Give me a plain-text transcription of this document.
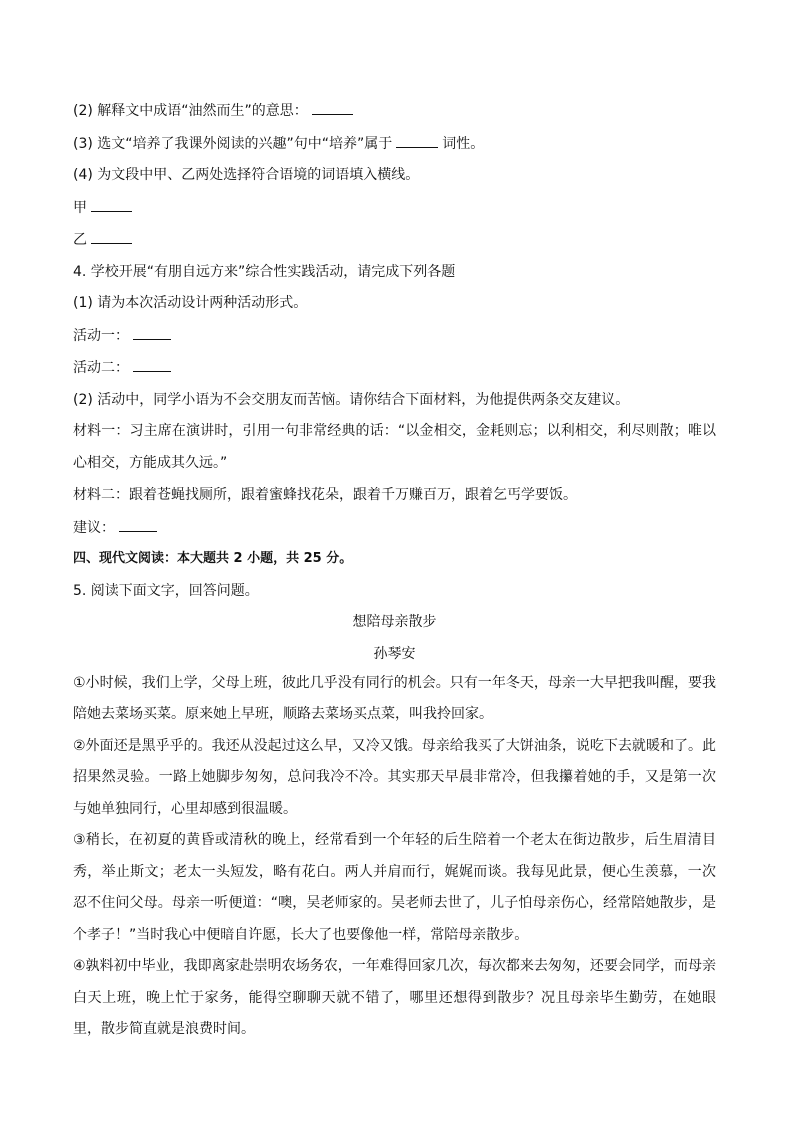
(2) 解释文中成语“油然而生”的意思：
(3) 选文“培养了我课外阅读的兴趣”句中“培养”属于	词性。
(4) 为文段中甲、乙两处选择符合语境的词语填入横线。
甲
乙
4. 学校开展“有朋自远方来”综合性实践活动，请完成下列各题
(1) 请为本次活动设计两种活动形式。
活动一：
活动二：
(2) 活动中，同学小语为不会交朋友而苦恼。请你结合下面材料，为他提供两条交友建议。

材料一：习主席在演讲时，引用一句非常经典的话：“以金相交，金耗则忘；以利相交，利尽则散；唯以心相交，方能成其久远。”

材料二：跟着苍蝇找厕所，跟着蜜蜂找花朵，跟着千万赚百万，跟着乞丐学要饭。
建议：
四、现代文阅读：本大题共 2 小题，共 25 分。
5. 阅读下面文字，回答问题。
想陪母亲散步
孙琴安

①小时候，我们上学，父母上班，彼此几乎没有同行的机会。只有一年冬天，母亲一大早把我叫醒，要我陪她去菜场买菜。原来她上早班，顺路去菜场买点菜，叫我拎回家。

②外面还是黑乎乎的。我还从没起过这么早，又冷又饿。母亲给我买了大饼油条，说吃下去就暖和了。此招果然灵验。一路上她脚步匆匆，总问我冷不冷。其实那天早晨非常冷，但我攥着她的手，又是第一次与她单独同行，心里却感到很温暖。

③稍长，在初夏的黄昏或清秋的晚上，经常看到一个年轻的后生陪着一个老太在街边散步，后生眉清目秀，举止斯文；老太一头短发，略有花白。两人并肩而行，娓娓而谈。我每见此景，便心生羡慕，一次忍不住问父母。母亲一听便道：“噢，吴老师家的。吴老师去世了，儿子怕母亲伤心，经常陪她散步，是个孝子！”当时我心中便暗自许愿，长大了也要像他一样，常陪母亲散步。

④孰料初中毕业，我即离家赴崇明农场务农，一年难得回家几次，每次都来去匆匆，还要会同学，而母亲白天上班，晚上忙于家务，能得空聊聊天就不错了，哪里还想得到散步？况且母亲毕生勤劳，在她眼里，散步简直就是浪费时间。
